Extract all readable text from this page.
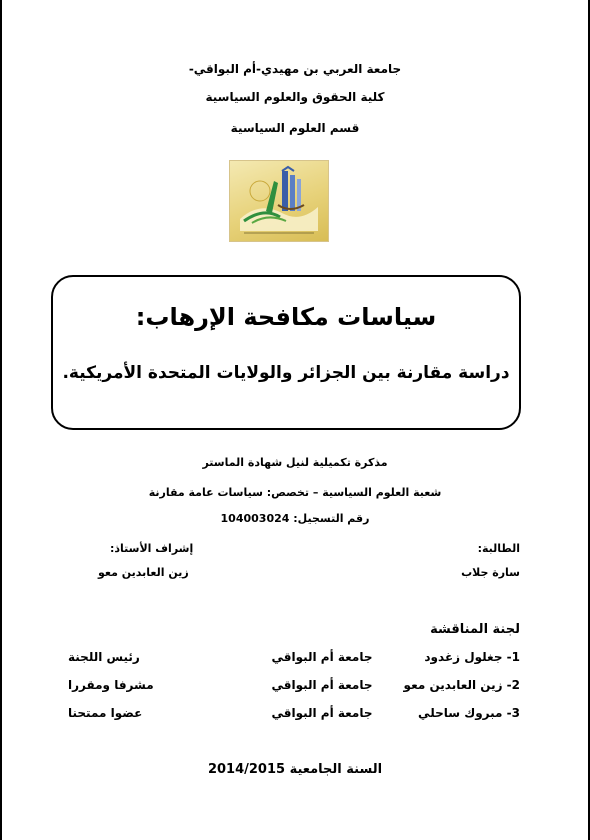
جامعة العربي بن مهيدي-أم البواقي-
كلية الحقوق والعلوم السياسية
قسم العلوم السياسية
سياسات مكافحة الإرهاب:
دراسة مقارنة بين الجزائر والولايات المتحدة الأمريكية.
مذكرة تكميلية لنيل شهادة الماستر
شعبة العلوم السياسية – تخصص: سياسات عامة مقارنة
رقم التسجيل: 104003024
الطالبة:
سارة جلاب
إشراف الأستاذ:
زين العابدين معو
لجنة المناقشة
1- جغلول زغدود
جامعة أم البواقي
رئيس اللجنة
2- زين العابدين معو
جامعة أم البواقي
مشرفا ومقررا
3- مبروك ساحلي
جامعة أم البواقي
عضوا ممتحنا
السنة الجامعية 2014/2015
